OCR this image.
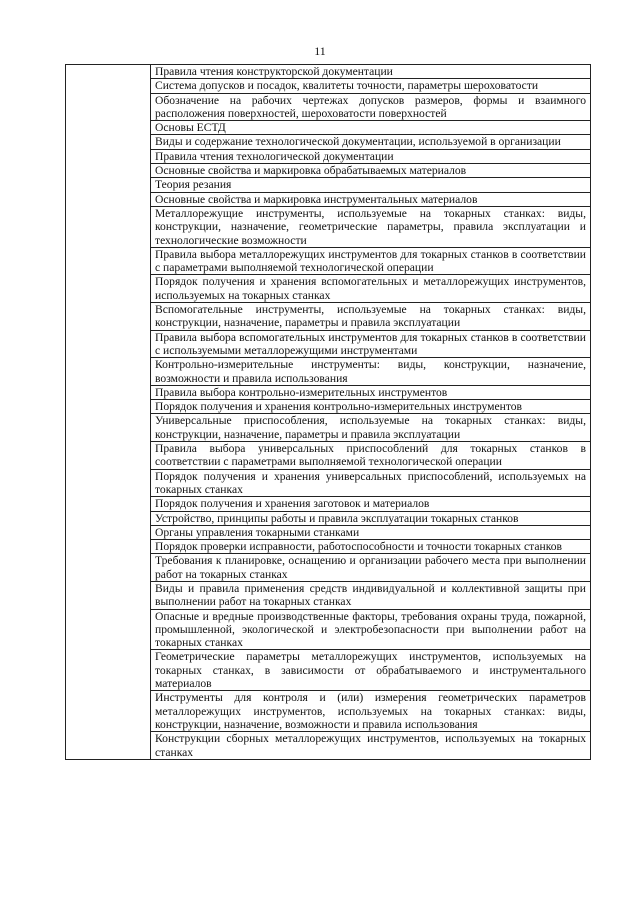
11
	Правила чтения конструкторской документации
	Система допусков и посадок, квалитеты точности, параметры шероховатости
	Обозначение на рабочих чертежах допусков размеров, формы и взаимного расположения поверхностей, шероховатости поверхностей
	Основы ЕСТД
	Виды и содержание технологической документации, используемой в организации
	Правила чтения технологической документации
	Основные свойства и маркировка обрабатываемых материалов
	Теория резания
	Основные свойства и маркировка инструментальных материалов
	Металлорежущие инструменты, используемые на токарных станках: виды, конструкции, назначение, геометрические параметры, правила эксплуатации и технологические возможности
	Правила выбора металлорежущих инструментов для токарных станков в соответствии с параметрами выполняемой технологической операции
	Порядок получения и хранения вспомогательных и металлорежущих инструментов, используемых на токарных станках
	Вспомогательные инструменты, используемые на токарных станках: виды, конструкции, назначение, параметры и правила эксплуатации
	Правила выбора вспомогательных инструментов для токарных станков в соответствии с используемыми металлорежущими инструментами
	Контрольно-измерительные инструменты: виды, конструкции, назначение, возможности и правила использования
	Правила выбора контрольно-измерительных инструментов
	Порядок получения и хранения контрольно-измерительных инструментов
	Универсальные приспособления, используемые на токарных станках: виды, конструкции, назначение, параметры и правила эксплуатации
	Правила выбора универсальных приспособлений для токарных станков в соответствии с параметрами выполняемой технологической операции
	Порядок получения и хранения универсальных приспособлений, используемых на токарных станках
	Порядок получения и хранения заготовок и материалов
	Устройство, принципы работы и правила эксплуатации токарных станков
	Органы управления токарными станками
	Порядок проверки исправности, работоспособности и точности токарных станков
	Требования к планировке, оснащению и организации рабочего места при выполнении работ на токарных станках
	Виды и правила применения средств индивидуальной и коллективной защиты при выполнении работ на токарных станках
	Опасные и вредные производственные факторы, требования охраны труда, пожарной, промышленной, экологической и электробезопасности при выполнении работ на токарных станках
	Геометрические параметры металлорежущих инструментов, используемых на токарных станках, в зависимости от обрабатываемого и инструментального материалов
	Инструменты для контроля и (или) измерения геометрических параметров металлорежущих инструментов, используемых на токарных станках: виды, конструкции, назначение, возможности и правила использования
	Конструкции сборных металлорежущих инструментов, используемых на токарных станках
